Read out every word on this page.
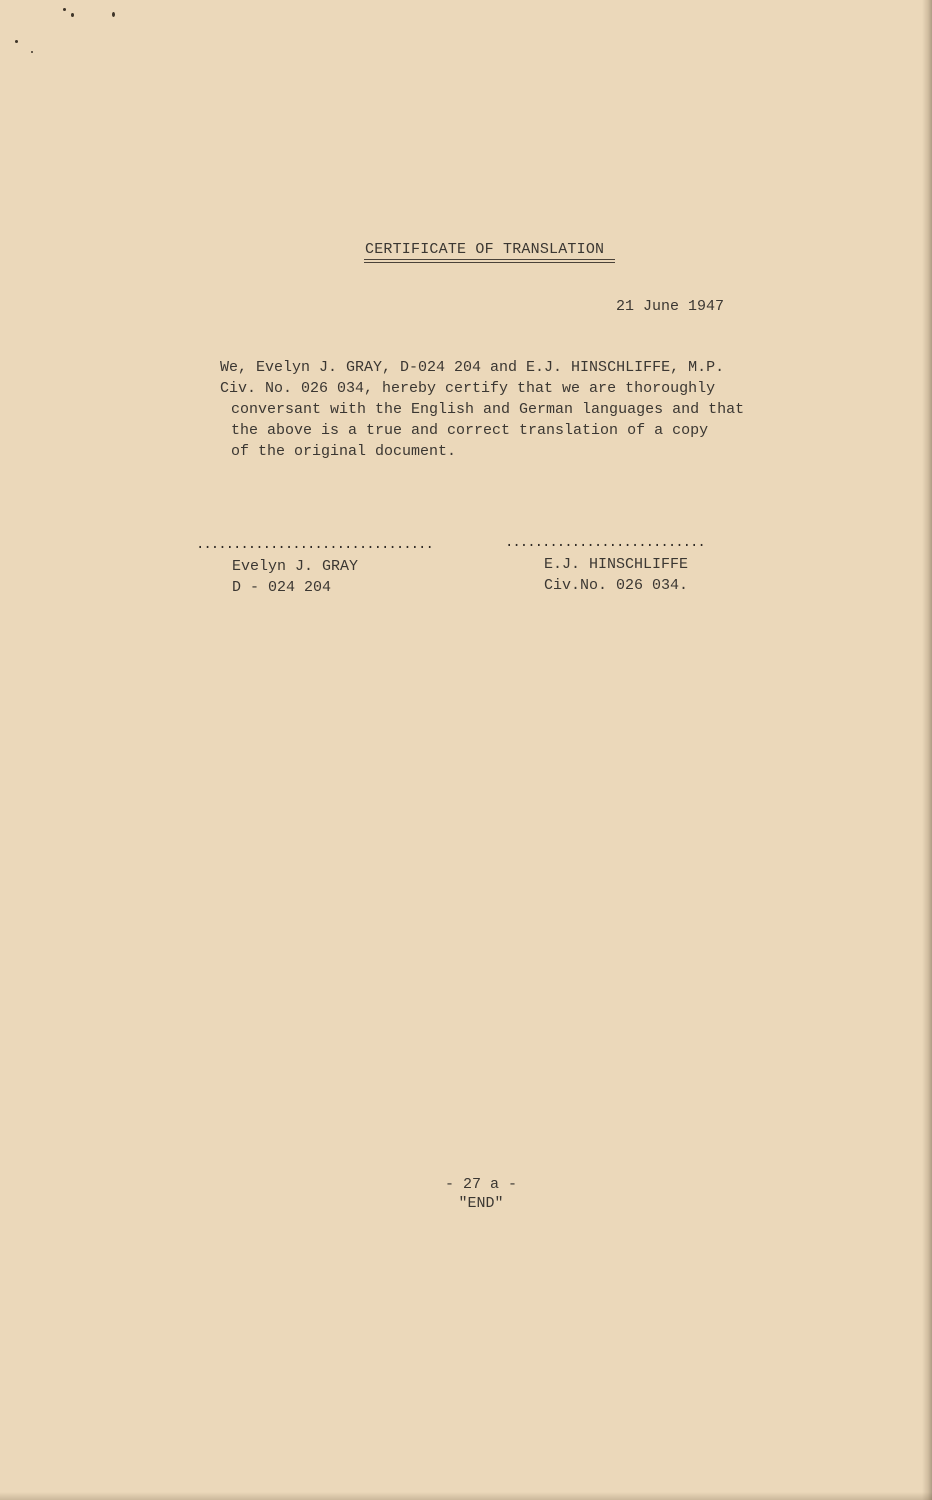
CERTIFICATE OF TRANSLATION
21 June 1947
We, Evelyn J. GRAY, D-024 204 and E.J. HINSCHLIFFE, M.P.
Civ. No. 026 034, hereby certify that we are thoroughly
conversant with the English and German languages and that
the above is a true and correct translation of a copy
of the original document.
................................	...........................
Evelyn J. GRAY
D - 024 204
E.J. HINSCHLIFFE
Civ.No. 026 034.
- 27 a -
"END"
